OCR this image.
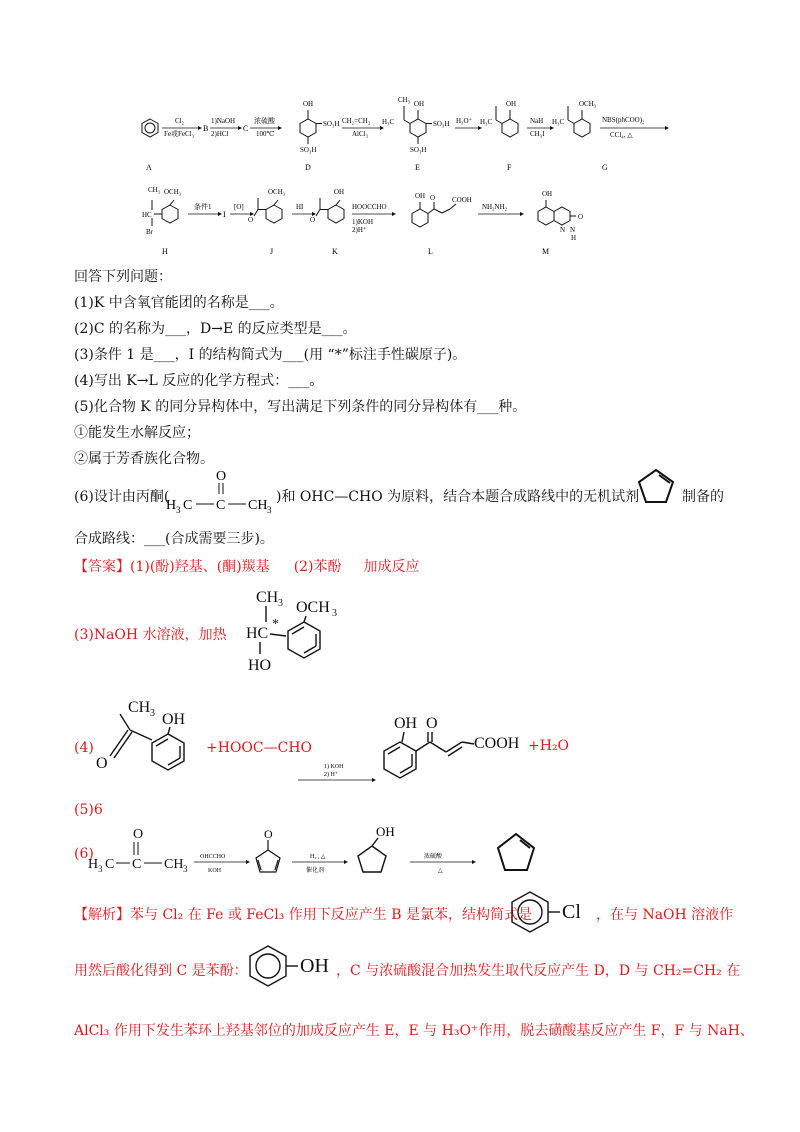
A
Cl₂
Fe或FeCl₃
B
1)NaOH
2)HCl
C
浓硫酸
100℃
OH
SO₃H
SO₃H
D
CH₂=CH₂
AlCl₃
CH₃ OH
H₃C	SO₃H
SO₃H
E
H₃O⁺
OH
H₃C
F
NaH
CH₃I
OCH₃
H₃C
G
NBS(phCOO)₂
CCl₄, △
CH₃ OCH₃
HC
Br
H
条件1
I
[O]
OCH₃
O
J
HI
OH
O
K
HOOCCHO
1)KOH
2)H⁺
OH O COOH
L
NH₂NH₂
OH
N N
H
O
M
回答下列问题：
(1)K 中含氧官能团的名称是___。
(2)C 的名称为___，D→E 的反应类型是___。
(3)条件 1 是___，I 的结构简式为___(用 “*”标注手性碳原子)。
(4)写出 K→L 反应的化学方程式：___。
(5)化合物 K 的同分异构体中，写出满足下列条件的同分异构体有___种。
①能发生水解反应；
②属于芳香族化合物。
(6)设计由丙酮(
O
H 3 C C CH 3
)和 OHC—CHO 为原料，结合本题合成路线中的无机试剂	制备的
合成路线：___(合成需要三步)。
【答案】(1)(酚)羟基、(酮)羰基 (2)苯酚 加成反应
(3)NaOH 水溶液，加热
CH 3 OCH 3
HC
*
HO
(4)
CH 3 OH
O
+HOOC—CHO
1) KOH
2) H⁺
OH O
COOH +H₂O
(5)6
(6)
O
H 3 C C CH 3
OHCCHO
KOH
O
H₂ , △
催化剂
OH
浓硫酸
△
【解析】苯与 Cl₂ 在 Fe 或 FeCl₃ 作用下反应产生 B 是氯苯，结构简式是 Cl ，在与 NaOH 溶液作
用然后酸化得到 C 是苯酚：	OH ，C 与浓硫酸混合加热发生取代反应产生 D，D 与 CH₂=CH₂ 在
AlCl₃ 作用下发生苯环上羟基邻位的加成反应产生 E，E 与 H₃O⁺作用，脱去磺酸基反应产生 F，F 与 NaH、
